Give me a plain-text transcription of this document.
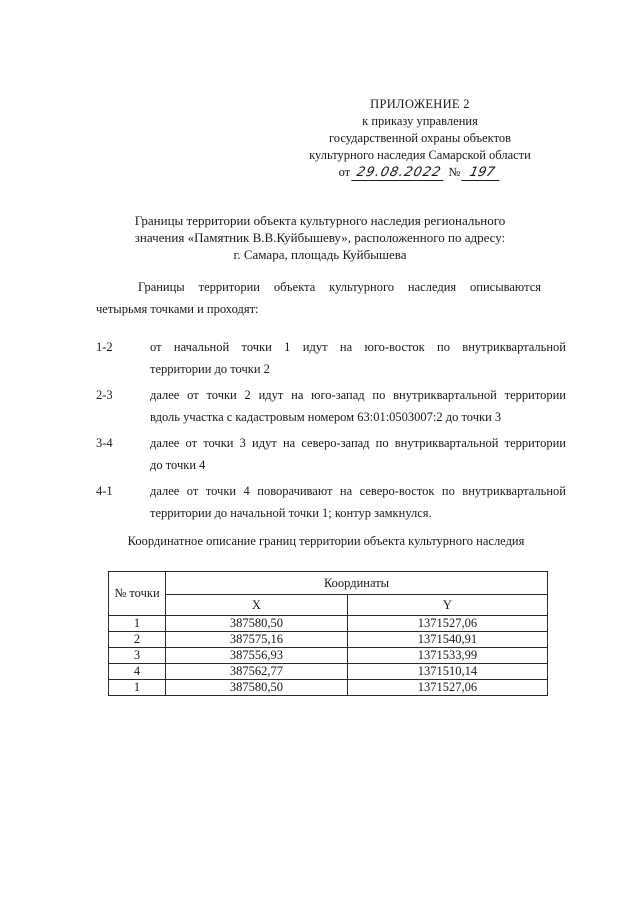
ПРИЛОЖЕНИЕ 2
к приказу управления
государственной охраны объектов
культурного наследия Самарской области
от 29.08.2022 № 197
Границы территории объекта культурного наследия регионального
значения «Памятник В.В.Куйбышеву», расположенного по адресу:
г. Самара, площадь Куйбышева
Границы территории объекта культурного наследия описываются
четырьмя точками и проходят:
1-2	от начальной точки 1 идут на юго-восток по внутриквартальной
территории до точки 2
2-3	далее от точки 2 идут на юго-запад по внутриквартальной территории
вдоль участка с кадастровым номером 63:01:0503007:2 до точки 3
3-4	далее от точки 3 идут на северо-запад по внутриквартальной территории
до точки 4
4-1	далее от точки 4 поворачивают на северо-восток по внутриквартальной
территории до начальной точки 1; контур замкнулся.
Координатное описание границ территории объекта культурного наследия
№ точки	Координаты	
	X	Y
1	387580,50	1371527,06
2	387575,16	1371540,91
3	387556,93	1371533,99
4	387562,77	1371510,14
1	387580,50	1371527,06
